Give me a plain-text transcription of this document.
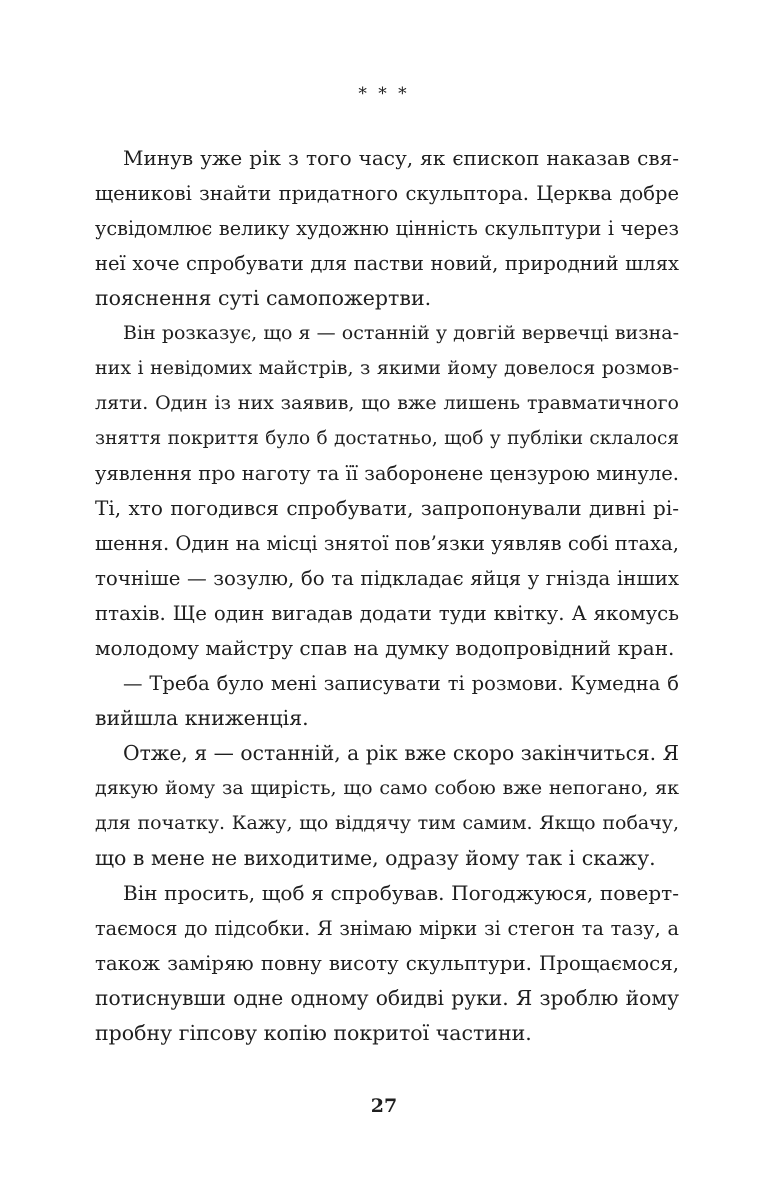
* * *
Минув уже рік з того часу, як єпископ наказав свя-
щеникові знайти придатного скульптора. Церква добре
усвідомлює велику художню цінність скульптури і через
неї хоче спробувати для пастви новий, природний шлях
пояснення суті самопожертви.
Він розказує, що я — останній у довгій вервечці визна-
них і невідомих майстрів, з якими йому довелося розмов-
ляти. Один із них заявив, що вже лишень травматичного
зняття покриття було б достатньо, щоб у публіки склалося
уявлення про наготу та її заборонене цензурою минуле.
Ті, хто погодився спробувати, запропонували дивні рі-
шення. Один на місці знятої пов’язки уявляв собі птаха,
точніше — зозулю, бо та підкладає яйця у гнізда інших
птахів. Ще один вигадав додати туди квітку. А якомусь
молодому майстру спав на думку водопровідний кран.
— Треба було мені записувати ті розмови. Кумедна б
вийшла книженція.
Отже, я — останній, а рік вже скоро закінчиться. Я
дякую йому за щирість, що само собою вже непогано, як
для початку. Кажу, що віддячу тим самим. Якщо побачу,
що в мене не виходитиме, одразу йому так і скажу.
Він просить, щоб я спробував. Погоджуюся, поверт-
таємося до підсобки. Я знімаю мірки зі стегон та тазу, а
також заміряю повну висоту скульптури. Прощаємося,
потиснувши одне одному обидві руки. Я зроблю йому
пробну гіпсову копію покритої частини.
27
